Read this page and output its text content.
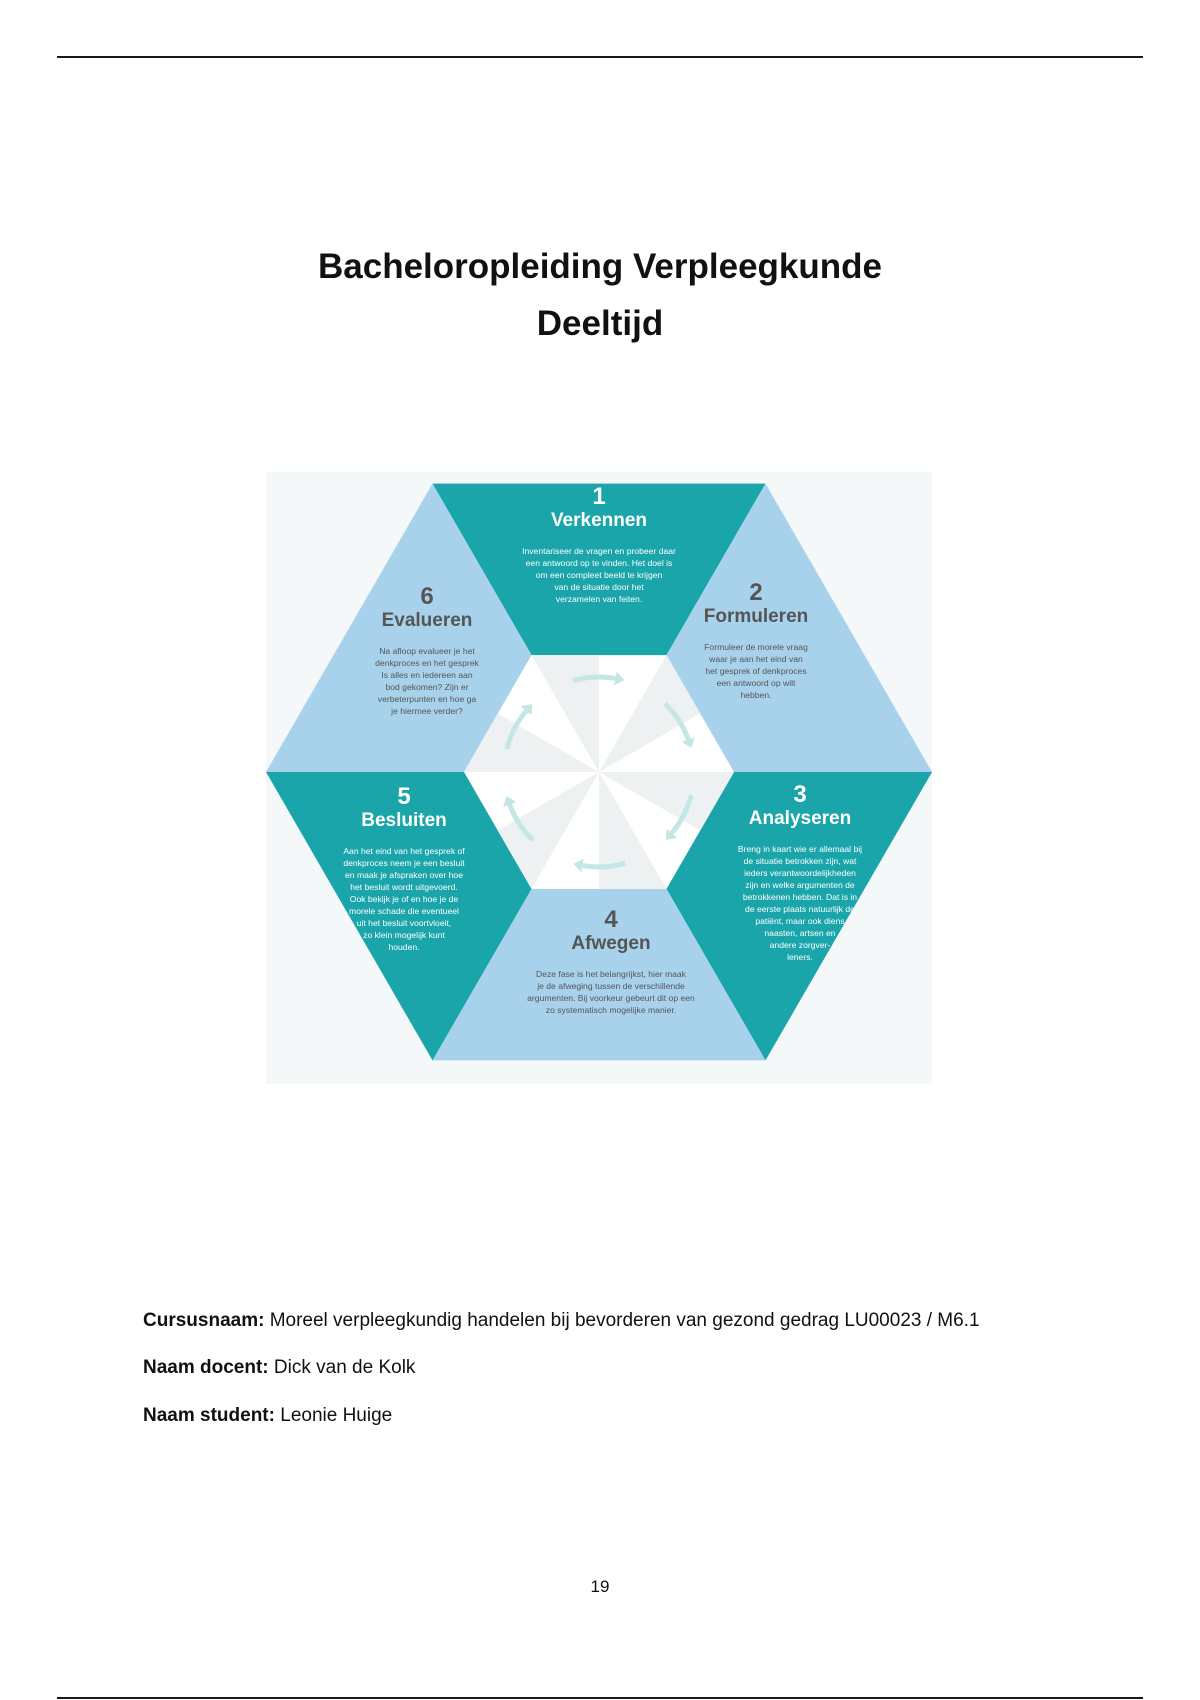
Bacheloropleiding Verpleegkunde
Deeltijd
1
Verkennen
Inventariseer de vragen en probeer daar
een antwoord op te vinden. Het doel is
om een compleet beeld te krijgen
van de situatie door het
verzamelen van feiten.	2
Formuleren
Formuleer de morele vraag
waar je aan het eind van
het gesprek of denkproces
een antwoord op wilt
hebben.
3
Analyseren
Breng in kaart wie er allemaal bij
de situatie betrokken zijn, wat
ieders verantwoordelijkheden
zijn en welke argumenten de
betrokkenen hebben. Dat is in
de eerste plaats natuurlijk de
patiënt, maar ook diens
naasten, artsen en
andere zorgver-
leners.
4
Afwegen
Deze fase is het belangrijkst, hier maak
je de afweging tussen de verschillende
argumenten. Bij voorkeur gebeurt dit op een
zo systematisch mogelijke manier.
5
Besluiten
Aan het eind van het gesprek of
denkproces neem je een besluit
en maak je afspraken over hoe
het besluit wordt uitgevoerd.
Ook bekijk je of en hoe je de
morele schade die eventueel
uit het besluit voortvloeit,
zo klein mogelijk kunt
houden.
6
Evalueren
Na afloop evalueer je het
denkproces en het gesprek
Is alles en iedereen aan
bod gekomen? Zijn er
verbeterpunten en hoe ga
je hiermee verder?
Cursusnaam: Moreel verpleegkundig handelen bij bevorderen van gezond gedrag LU00023 / M6.1
Naam docent: Dick van de Kolk
Naam student: Leonie Huige
19
